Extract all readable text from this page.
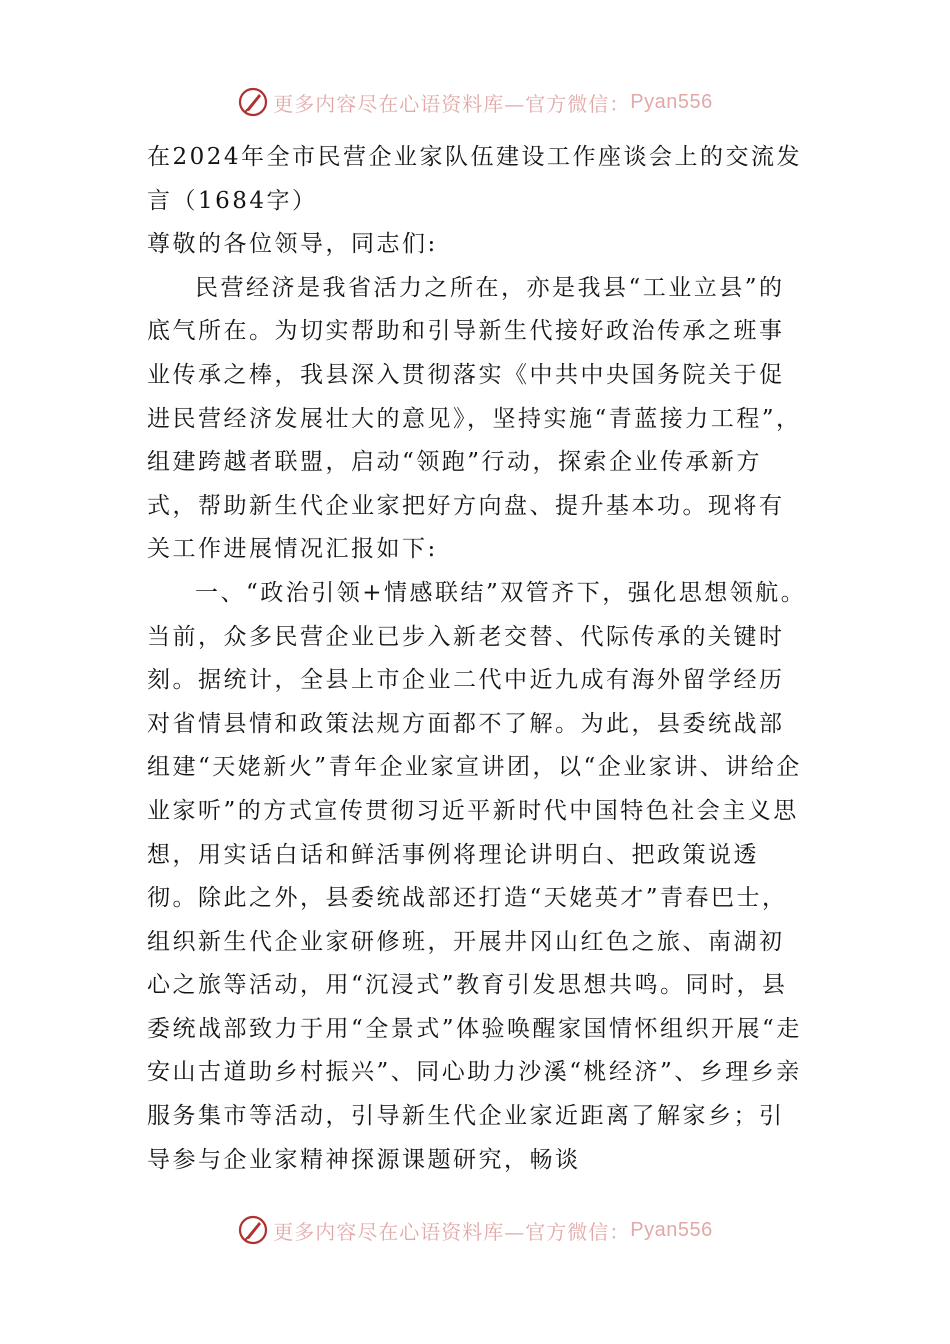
更多内容尽在心语资料库—官方微信： Pyan556

在2024年全市民营企业家队伍建设工作座谈会上的交流发言（1684字）

尊敬的各位领导，同志们:

民营经济是我省活力之所在，亦是我县“工业立县”的底气所在。为切实帮助和引导新生代接好政治传承之班事业传承之棒，我县深入贯彻落实《中共中央国务院关于促进民营经济发展壮大的意见》，坚持实施“青蓝接力工程”，组建跨越者联盟，启动“领跑”行动，探索企业传承新方式，帮助新生代企业家把好方向盘、提升基本功。现将有关工作进展情况汇报如下:

一、“政治引领+情感联结”双管齐下，强化思想领航。当前，众多民营企业已步入新老交替、代际传承的关键时刻。据统计，全县上市企业二代中近九成有海外留学经历对省情县情和政策法规方面都不了解。为此，县委统战部组建“天姥新火”青年企业家宣讲团，以“企业家讲、讲给企业家听”的方式宣传贯彻习近平新时代中国特色社会主义思想，用实话白话和鲜活事例将理论讲明白、把政策说透彻。除此之外，县委统战部还打造“天姥英才”青春巴士，组织新生代企业家研修班，开展井冈山红色之旅、南湖初心之旅等活动，用“沉浸式”教育引发思想共鸣。同时，县委统战部致力于用“全景式”体验唤醒家国情怀组织开展“走安山古道助乡村振兴”、同心助力沙溪“桃经济”、乡理乡亲服务集市等活动，引导新生代企业家近距离了解家乡；引导参与企业家精神探源课题研究，畅谈

更多内容尽在心语资料库—官方微信： Pyan556
